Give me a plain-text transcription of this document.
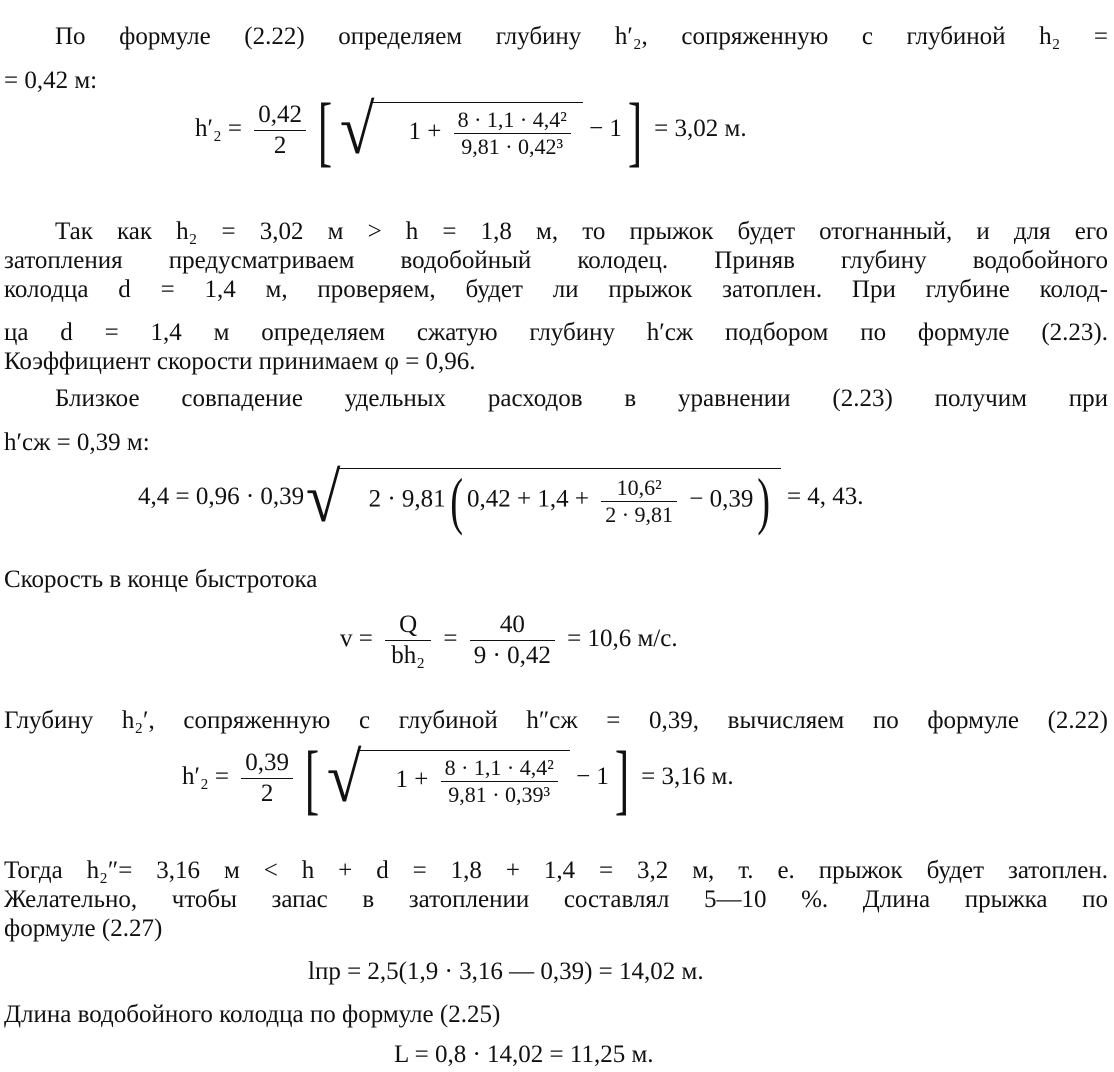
По формуле (2.22) определяем глубину h′₂, сопряженную с глубиной h₂ =
= 0,42 м:
$h'_2 = \frac{0,42}{2}$ [ √ $1 + \frac{\text{8 · 1,1 · 4,4²}}{\text{9,81 · 0,42³}} - 1] = 3,02$ м.
Так как h₂ = 3,02 м > h = 1,8 м, то прыжок будет отогнанный, и для его
затопления предусматриваем водобойный колодец. Приняв глубину водобойного
колодца d = 1,4 м, проверяем, будет ли прыжок затоплен. При глубине колод-
ца d = 1,4 м определяем сжатую глубину h′сж подбором по формуле (2.23).
Коэффициент скорости принимаем φ = 0,96.
Близкое совпадение удельных расходов в уравнении (2.23) получим при
h′сж = 0,39 м:
4,4 = 0,96 · 0,39√ 2 · 9,81( $0,42 + 1,4 + \frac{\text{10,6²}}{2 \cdot 9,81} - 0,39) = 4$, 43.
Скорость в конце быстротока
$v = \frac{Q}{\text{bh₂}} = \frac{40}{9 \cdot 0,42} = 10,6$ м/с.
Глубину h₂′, сопряженную с глубиной h″сж = 0,39, вычисляем по формуле (2.22)
$h'_2 = \frac{0,39}{2}$ [ √ $1 + \frac{\text{8 · 1,1 · 4,4²}}{\text{9,81 · 0,39³}} - 1] = 3,16$ м.
Тогда h₂″= 3,16 м < h + d = 1,8 + 1,4 = 3,2 м, т. е. прыжок будет затоплен.
Желательно, чтобы запас в затоплении составлял 5—10 %. Длина прыжка по
формуле (2.27)
lпр = 2,5(1,9 · 3,16 — 0,39) = 14,02 м.
Длина водобойного колодца по формуле (2.25)
L = 0,8 · 14,02 = 11,25 м.
